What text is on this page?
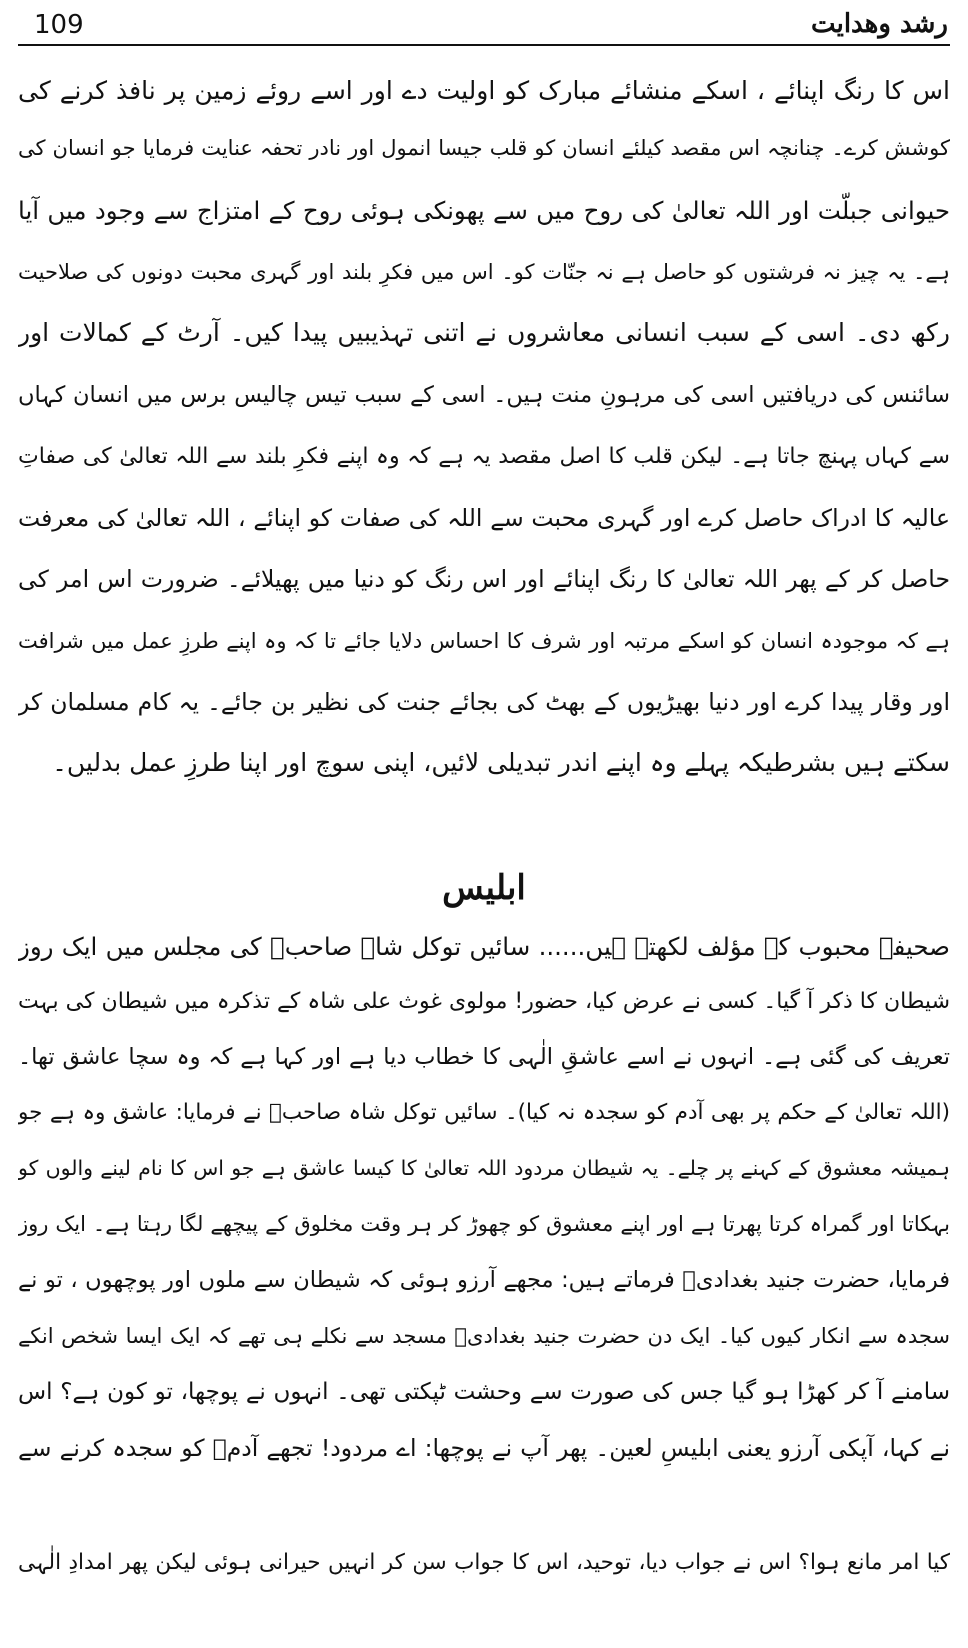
109	رشد وھدایت
اس کا رنگ اپنائے ، اسکے منشائے مبارک کو اولیت دے اور اسے روئے زمین پر نافذ کرنے کی
کوشش کرے۔ چنانچہ اس مقصد کیلئے انسان کو قلب جیسا انمول اور نادر تحفہ عنایت فرمایا جو انسان کی
حیوانی جبلّت اور اللہ تعالیٰ کی روح میں سے پھونکی ہوئی روح کے امتزاج سے وجود میں آیا
ہے۔ یہ چیز نہ فرشتوں کو حاصل ہے نہ جنّات کو۔ اس میں فکرِ بلند اور گہری محبت دونوں کی صلاحیت
رکھ دی۔ اسی کے سبب انسانی معاشروں نے اتنی تہذیبیں پیدا کیں۔ آرٹ کے کمالات اور
سائنس کی دریافتیں اسی کی مرہونِ منت ہیں۔ اسی کے سبب تیس چالیس برس میں انسان کہاں
سے کہاں پہنچ جاتا ہے۔ لیکن قلب کا اصل مقصد یہ ہے کہ وہ اپنے فکرِ بلند سے اللہ تعالیٰ کی صفاتِ
عالیہ کا ادراک حاصل کرے اور گہری محبت سے اللہ کی صفات کو اپنائے ، اللہ تعالیٰ کی معرفت
حاصل کر کے پھر اللہ تعالیٰ کا رنگ اپنائے اور اس رنگ کو دنیا میں پھیلائے۔ ضرورت اس امر کی
ہے کہ موجودہ انسان کو اسکے مرتبہ اور شرف کا احساس دلایا جائے تا کہ وہ اپنے طرزِ عمل میں شرافت
اور وقار پیدا کرے اور دنیا بھیڑیوں کے بھٹ کی بجائے جنت کی نظیر بن جائے۔ یہ کام مسلمان کر
سکتے ہیں بشرطیکہ پہلے وہ اپنے اندر تبدیلی لائیں، اپنی سوچ اور اپنا طرزِ عمل بدلیں۔
ابلیس
صحیفۂ محبوب کے مؤلف لکھتے ہیں...... سائیں توکل شاہ صاحبؒ کی مجلس میں ایک روز
شیطان کا ذکر آ گیا۔ کسی نے عرض کیا، حضور! مولوی غوث علی شاہ کے تذکرہ میں شیطان کی بہت
تعریف کی گئی ہے۔ انہوں نے اسے عاشقِ الٰہی کا خطاب دیا ہے اور کہا ہے کہ وہ سچا عاشق تھا۔
(اللہ تعالیٰ کے حکم پر بھی آدم کو سجدہ نہ کیا)۔ سائیں توکل شاہ صاحبؒ نے فرمایا: عاشق وہ ہے جو
ہمیشہ معشوق کے کہنے پر چلے۔ یہ شیطان مردود اللہ تعالیٰ کا کیسا عاشق ہے جو اس کا نام لینے والوں کو
بہکاتا اور گمراہ کرتا پھرتا ہے اور اپنے معشوق کو چھوڑ کر ہر وقت مخلوق کے پیچھے لگا رہتا ہے۔ ایک روز
فرمایا، حضرت جنید بغدادیؒ فرماتے ہیں: مجھے آرزو ہوئی کہ شیطان سے ملوں اور پوچھوں ، تو نے
سجدہ سے انکار کیوں کیا۔ ایک دن حضرت جنید بغدادیؒ مسجد سے نکلے ہی تھے کہ ایک ایسا شخص انکے
سامنے آ کر کھڑا ہو گیا جس کی صورت سے وحشت ٹپکتی تھی۔ انہوں نے پوچھا، تو کون ہے؟ اس
نے کہا، آپکی آرزو یعنی ابلیسِ لعین۔ پھر آپ نے پوچھا: اے مردود! تجھے آدمؑ کو سجدہ کرنے سے
کیا امر مانع ہوا؟ اس نے جواب دیا، توحید، اس کا جواب سن کر انہیں حیرانی ہوئی لیکن پھر امدادِ الٰہی
